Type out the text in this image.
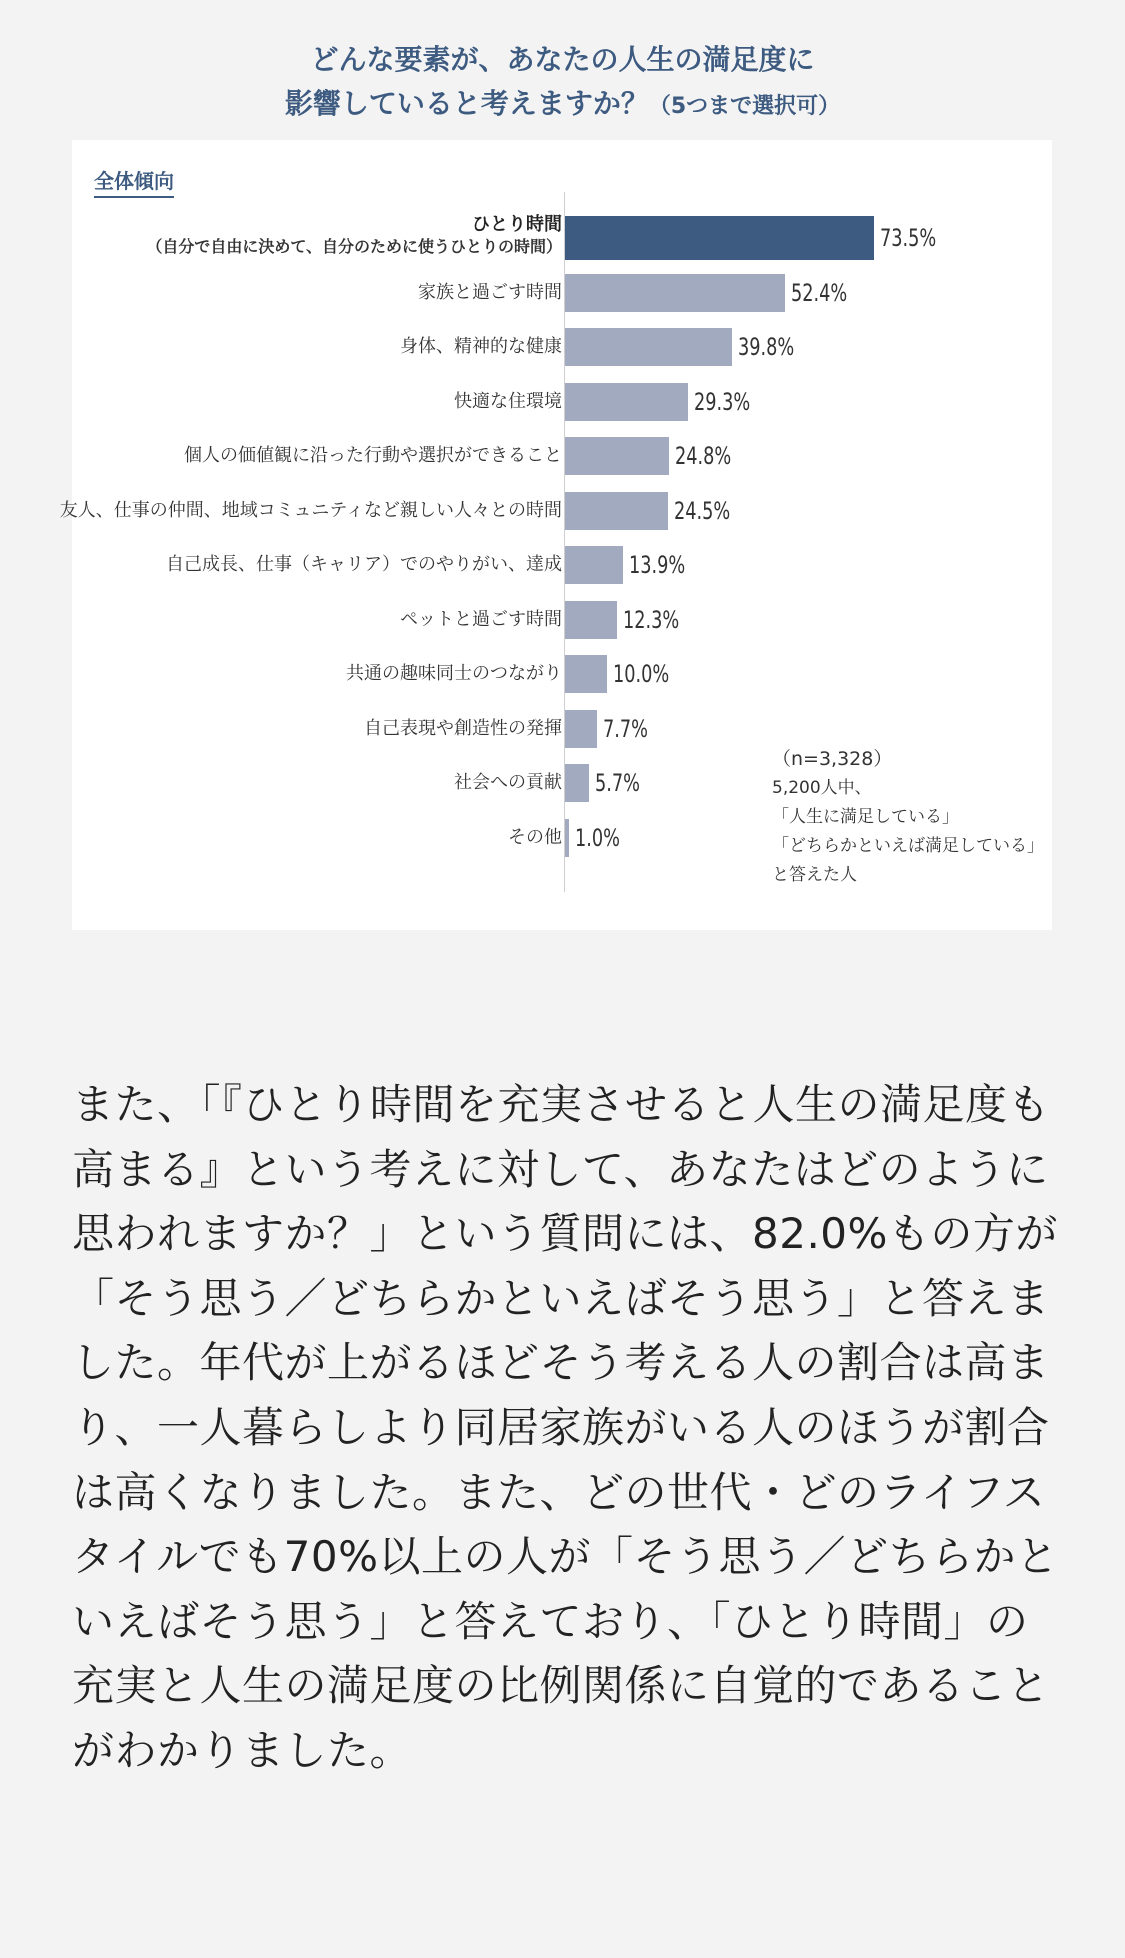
どんな要素が、あなたの人生の満足度に
影響していると考えますか？（5つまで選択可）
全体傾向
73.5%
ひとり時間
（自分で自由に決めて、自分のために使うひとりの時間）
52.4%
家族と過ごす時間
39.8%
身体、精神的な健康
29.3%
快適な住環境
24.8%
個人の価値観に沿った行動や選択ができること
24.5%
友人、仕事の仲間、地域コミュニティなど親しい人々との時間
13.9%
自己成長、仕事（キャリア）でのやりがい、達成
12.3%
ペットと過ごす時間
10.0%
共通の趣味同士のつながり
7.7%
自己表現や創造性の発揮
5.7%
社会への貢献
1.0%
その他
（n=3,328）
5,200人中、
「人生に満足している」
「どちらかといえば満足している」
と答えた人
また、「『ひとり時間を充実させると人生の満足度も高まる』という考えに対して、あなたはどのように思われますか？」という質問には、82.0%もの方が「そう思う／どちらかといえばそう思う」と答えました。年代が上がるほどそう考える人の割合は高まり、一人暮らしより同居家族がいる人のほうが割合は高くなりました。また、どの世代・どのライフスタイルでも70%以上の人が「そう思う／どちらかといえばそう思う」と答えており、「ひとり時間」の充実と人生の満足度の比例関係に自覚的であることがわかりました。
